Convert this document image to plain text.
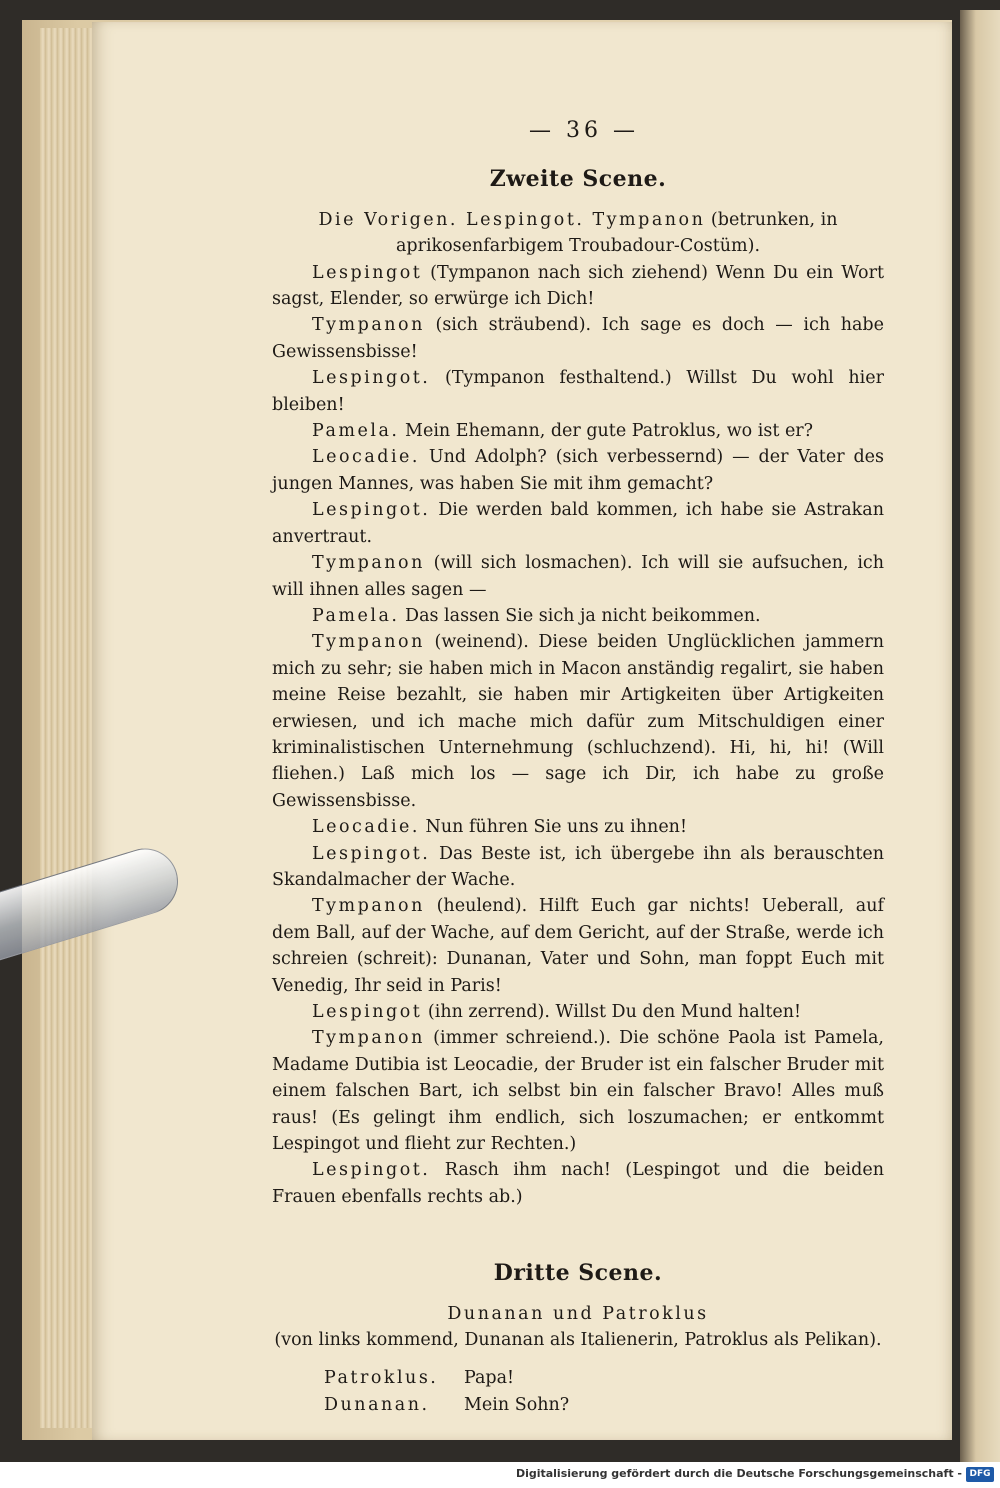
— 36 —
Zweite Scene.

Die Vorigen. Lespingot. Tympanon (betrunken, in aprikosenfarbigem Troubadour-Costüm).

Lespingot (Tympanon nach sich ziehend) Wenn Du ein Wort sagst, Elender, so erwürge ich Dich!

Tympanon (sich sträubend). Ich sage es doch — ich habe Gewissensbisse!

Lespingot. (Tympanon festhaltend.) Willst Du wohl hier bleiben!

Pamela. Mein Ehemann, der gute Patroklus, wo ist er?

Leocadie. Und Adolph? (sich verbessernd) — der Vater des jungen Mannes, was haben Sie mit ihm gemacht?

Lespingot. Die werden bald kommen, ich habe sie Astrakan anvertraut.

Tympanon (will sich losmachen). Ich will sie aufsuchen, ich will ihnen alles sagen —

Pamela. Das lassen Sie sich ja nicht beikommen.

Tympanon (weinend). Diese beiden Unglücklichen jammern mich zu sehr; sie haben mich in Macon anständig regalirt, sie haben meine Reise bezahlt, sie haben mir Artigkeiten über Artigkeiten erwiesen, und ich mache mich dafür zum Mitschuldigen einer kriminalistischen Unternehmung (schluchzend). Hi, hi, hi! (Will fliehen.) Laß mich los — sage ich Dir, ich habe zu große Gewissensbisse.

Leocadie. Nun führen Sie uns zu ihnen!

Lespingot. Das Beste ist, ich übergebe ihn als berauschten Skandalmacher der Wache.

Tympanon (heulend). Hilft Euch gar nichts! Ueberall, auf dem Ball, auf der Wache, auf dem Gericht, auf der Straße, werde ich schreien (schreit): Dunanan, Vater und Sohn, man foppt Euch mit Venedig, Ihr seid in Paris!

Lespingot (ihn zerrend). Willst Du den Mund halten!

Tympanon (immer schreiend.). Die schöne Paola ist Pamela, Madame Dutibia ist Leocadie, der Bruder ist ein falscher Bruder mit einem falschen Bart, ich selbst bin ein falscher Bravo! Alles muß raus! (Es gelingt ihm endlich, sich loszumachen; er entkommt Lespingot und flieht zur Rechten.)

Lespingot. Rasch ihm nach! (Lespingot und die beiden Frauen ebenfalls rechts ab.)

Dritte Scene.

Dunanan und Patroklus

(von links kommend, Dunanan als Italienerin, Patroklus als Pelikan).

Patroklus.	Papa!
Dunanan.	Mein Sohn?
Digitalisierung gefördert durch die Deutsche Forschungsgemeinschaft - DFG
